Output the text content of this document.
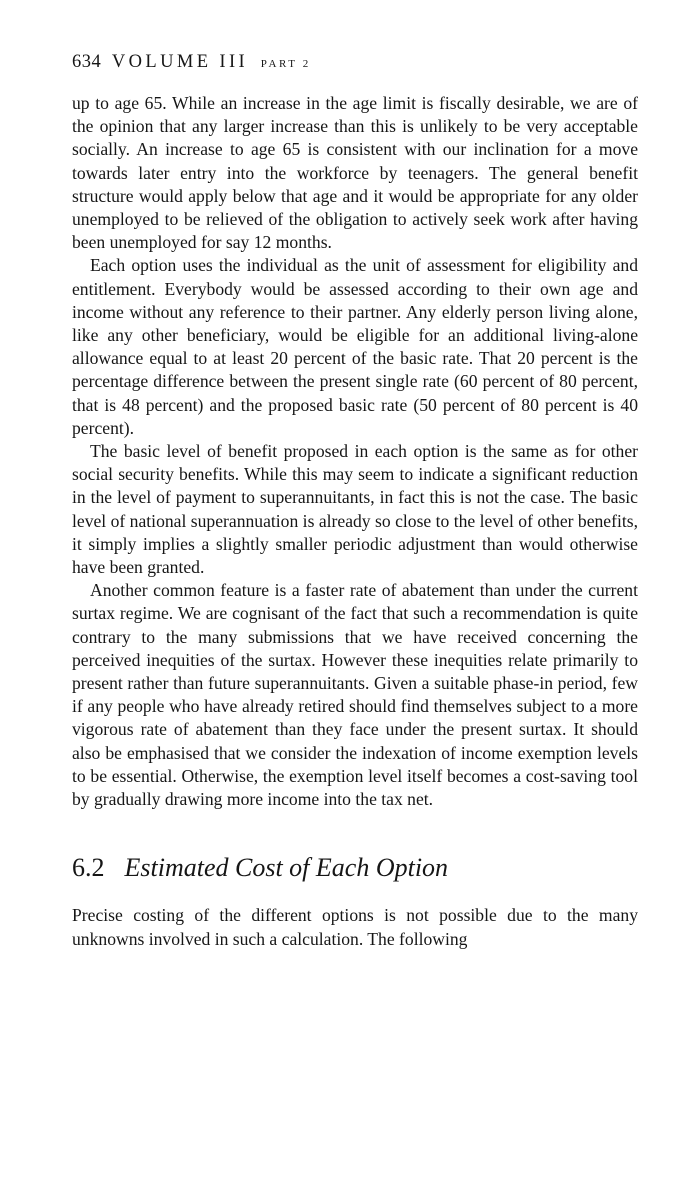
634 VOLUME III PART 2

up to age 65. While an increase in the age limit is fiscally desirable, we are of the opinion that any larger increase than this is unlikely to be very acceptable socially. An increase to age 65 is consistent with our inclination for a move towards later entry into the workforce by teenagers. The general benefit structure would apply below that age and it would be appropriate for any older unemployed to be relieved of the obligation to actively seek work after having been unemployed for say 12 months.

Each option uses the individual as the unit of assessment for eligibility and entitlement. Everybody would be assessed according to their own age and income without any reference to their partner. Any elderly person living alone, like any other beneficiary, would be eligible for an additional living-alone allowance equal to at least 20 percent of the basic rate. That 20 percent is the percentage difference between the present single rate (60 percent of 80 percent, that is 48 percent) and the proposed basic rate (50 percent of 80 percent is 40 percent).

The basic level of benefit proposed in each option is the same as for other social security benefits. While this may seem to indicate a significant reduction in the level of payment to superannuitants, in fact this is not the case. The basic level of national superannuation is already so close to the level of other benefits, it simply implies a slightly smaller periodic adjustment than would otherwise have been granted.

Another common feature is a faster rate of abatement than under the current surtax regime. We are cognisant of the fact that such a recommendation is quite contrary to the many submissions that we have received concerning the perceived inequities of the surtax. However these inequities relate primarily to present rather than future superannuitants. Given a suitable phase-in period, few if any people who have already retired should find themselves subject to a more vigorous rate of abatement than they face under the present surtax. It should also be emphasised that we consider the indexation of income exemption levels to be essential. Otherwise, the exemption level itself becomes a cost-saving tool by gradually drawing more income into the tax net.

6.2 Estimated Cost of Each Option

Precise costing of the different options is not possible due to the many unknowns involved in such a calculation. The following
